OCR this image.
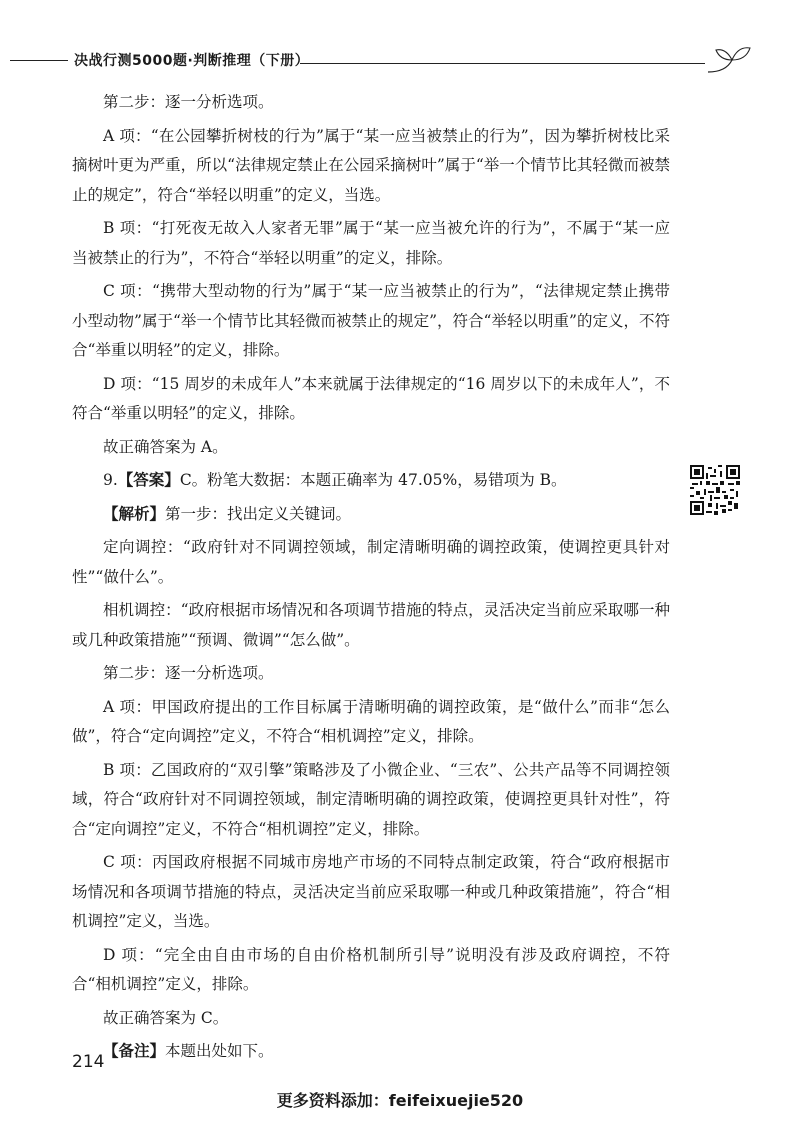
决战行测5000题·判断推理（下册）

第二步：逐一分析选项。

A 项：“在公园攀折树枝的行为”属于“某一应当被禁止的行为”，因为攀折树枝比采摘树叶更为严重，所以“法律规定禁止在公园采摘树叶”属于“举一个情节比其轻微而被禁止的规定”，符合“举轻以明重”的定义，当选。

B 项：“打死夜无故入人家者无罪”属于“某一应当被允许的行为”，不属于“某一应当被禁止的行为”，不符合“举轻以明重”的定义，排除。

C 项：“携带大型动物的行为”属于“某一应当被禁止的行为”，“法律规定禁止携带小型动物”属于“举一个情节比其轻微而被禁止的规定”，符合“举轻以明重”的定义，不符合“举重以明轻”的定义，排除。

D 项：“15 周岁的未成年人”本来就属于法律规定的“16 周岁以下的未成年人”，不符合“举重以明轻”的定义，排除。

故正确答案为 A。

9.【答案】C。粉笔大数据：本题正确率为 47.05%，易错项为 B。

【解析】第一步：找出定义关键词。

定向调控：“政府针对不同调控领域，制定清晰明确的调控政策，使调控更具针对性”“做什么”。

相机调控：“政府根据市场情况和各项调节措施的特点，灵活决定当前应采取哪一种或几种政策措施”“预调、微调”“怎么做”。

第二步：逐一分析选项。

A 项：甲国政府提出的工作目标属于清晰明确的调控政策，是“做什么”而非“怎么做”，符合“定向调控”定义，不符合“相机调控”定义，排除。

B 项：乙国政府的“双引擎”策略涉及了小微企业、“三农”、公共产品等不同调控领域，符合“政府针对不同调控领域，制定清晰明确的调控政策，使调控更具针对性”，符合“定向调控”定义，不符合“相机调控”定义，排除。

C 项：丙国政府根据不同城市房地产市场的不同特点制定政策，符合“政府根据市场情况和各项调节措施的特点，灵活决定当前应采取哪一种或几种政策措施”，符合“相机调控”定义，当选。

D 项：“完全由自由市场的自由价格机制所引导”说明没有涉及政府调控，不符合“相机调控”定义，排除。

故正确答案为 C。

【备注】本题出处如下。

214
更多资料添加：feifeixuejie520
